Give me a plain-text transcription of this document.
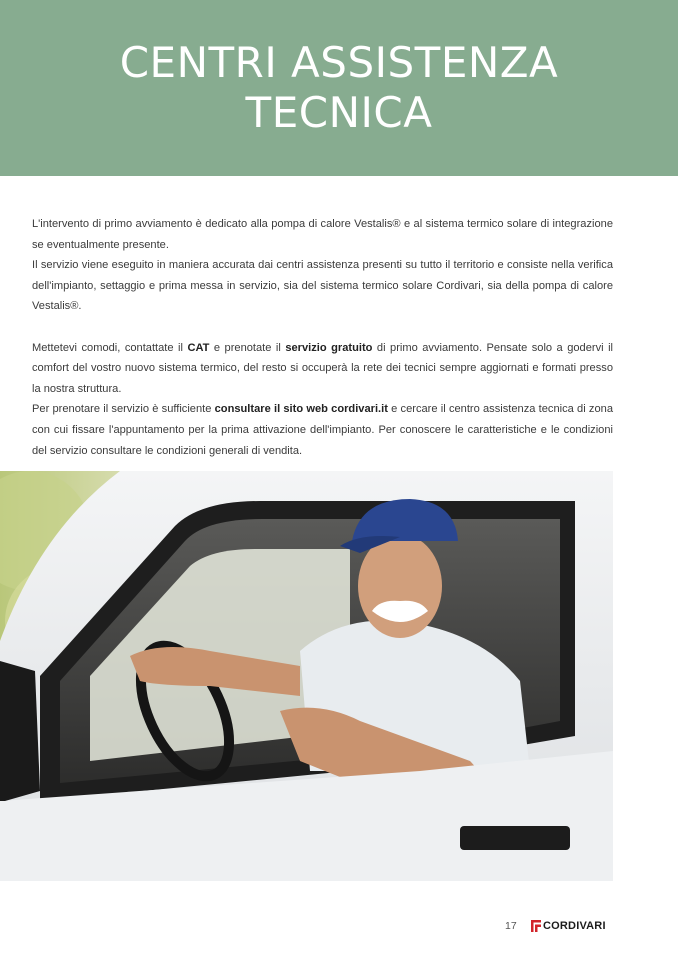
CENTRI ASSISTENZA
TECNICA

L'intervento di primo avviamento è dedicato alla pompa di calore Vestalis® e al sistema termico solare di integrazione se eventualmente presente.

Il servizio viene eseguito in maniera accurata dai centri assistenza presenti su tutto il territorio e consiste nella verifica dell'impianto, settaggio e prima messa in servizio, sia del sistema termico solare Cordivari, sia della pompa di calore Vestalis®.

Mettetevi comodi, contattate il CAT e prenotate il servizio gratuito di primo avviamento. Pensate solo a godervi il comfort del vostro nuovo sistema termico, del resto si occuperà la rete dei tecnici sempre aggiornati e formati presso la nostra struttura.

Per prenotare il servizio è sufficiente consultare il sito web cordivari.it e cercare il centro assistenza tecnica di zona con cui fissare l'appuntamento per la prima attivazione dell'impianto. Per conoscere le caratteristiche e le condizioni del servizio consultare le condizioni generali di vendita.

17 CORDIVARI
